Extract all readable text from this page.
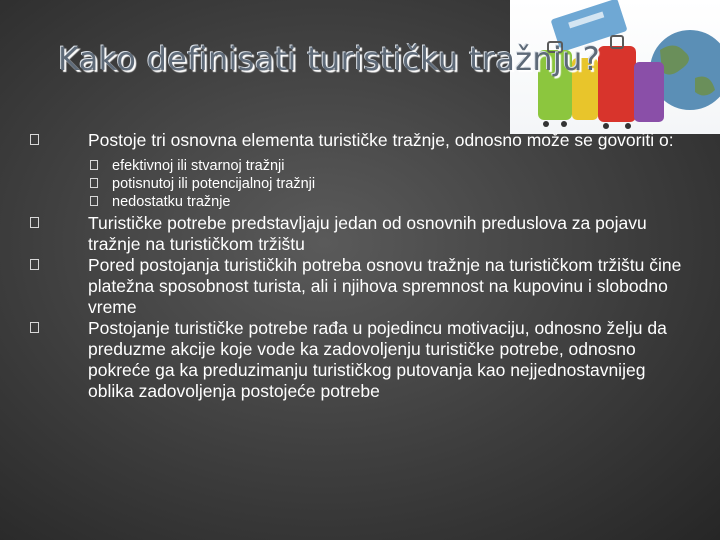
Kako definisati turističku tražnju?
Postoje tri osnovna elementa turističke tražnje, odnosno može se govoriti o:
efektivnoj ili stvarnoj tražnji
potisnutoj ili potencijalnoj tražnji
nedostatku tražnje
Turističke potrebe predstavljaju jedan od osnovnih preduslova za pojavu tražnje na turističkom tržištu
Pored postojanja turističkih potreba osnovu tražnje na turističkom tržištu čine platežna sposobnost turista, ali i njihova spremnost na kupovinu i slobodno vreme
Postojanje turističke potrebe rađa u pojedincu motivaciju, odnosno želju da preduzme akcije koje vode ka zadovoljenju turističke potrebe, odnosno pokreće ga ka preduzimanju turističkog putovanja kao nejjednostavnijeg oblika zadovoljenja postojeće potrebe
